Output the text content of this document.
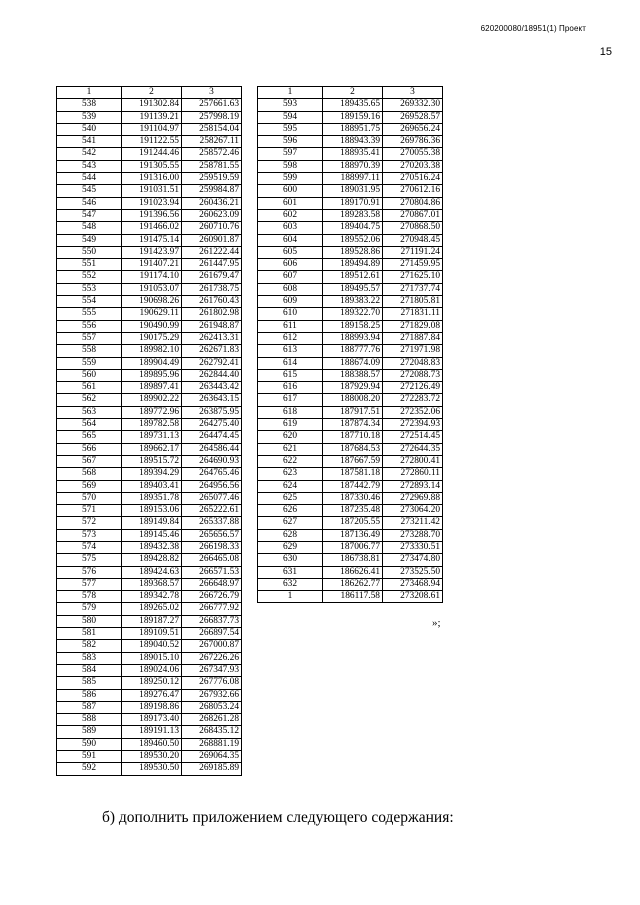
620200080/18951(1) Проект
15
1	2	3
538	191302.84	257661.63
539	191139.21	257998.19
540	191104.97	258154.04
541	191122.55	258267.11
542	191244.46	258572.46
543	191305.55	258781.55
544	191316.00	259519.59
545	191031.51	259984.87
546	191023.94	260436.21
547	191396.56	260623.09
548	191466.02	260710.76
549	191475.14	260901.87
550	191423.97	261222.44
551	191407.21	261447.95
552	191174.10	261679.47
553	191053.07	261738.75
554	190698.26	261760.43
555	190629.11	261802.98
556	190490.99	261948.87
557	190175.29	262413.31
558	189982.10	262671.83
559	189904.49	262792.41
560	189895.96	262844.40
561	189897.41	263443.42
562	189902.22	263643.15
563	189772.96	263875.95
564	189782.58	264275.40
565	189731.13	264474.45
566	189662.17	264586.44
567	189515.72	264690.93
568	189394.29	264765.46
569	189403.41	264956.56
570	189351.78	265077.46
571	189153.06	265222.61
572	189149.84	265337.88
573	189145.46	265656.57
574	189432.38	266198.33
575	189428.82	266465.08
576	189424.63	266571.53
577	189368.57	266648.97
578	189342.78	266726.79
579	189265.02	266777.92
580	189187.27	266837.73
581	189109.51	266897.54
582	189040.52	267000.87
583	189015.10	267226.26
584	189024.06	267347.93
585	189250.12	267776.08
586	189276.47	267932.66
587	189198.86	268053.24
588	189173.40	268261.28
589	189191.13	268435.12
590	189460.50	268881.19
591	189530.20	269064.35
592	189530.50	269185.89
1	2	3
593	189435.65	269332.30
594	189159.16	269528.57
595	188951.75	269656.24
596	188943.39	269786.36
597	188935.41	270055.38
598	188970.39	270203.38
599	188997.11	270516.24
600	189031.95	270612.16
601	189170.91	270804.86
602	189283.58	270867.01
603	189404.75	270868.50
604	189552.06	270948.45
605	189528.86	271191.24
606	189494.89	271459.95
607	189512.61	271625.10
608	189495.57	271737.74
609	189383.22	271805.81
610	189322.70	271831.11
611	189158.25	271829.08
612	188993.94	271887.84
613	188777.76	271971.98
614	188674.09	272048.83
615	188388.57	272088.73
616	187929.94	272126.49
617	188008.20	272283.72
618	187917.51	272352.06
619	187874.34	272394.93
620	187710.18	272514.45
621	187684.53	272644.35
622	187667.59	272800.41
623	187581.18	272860.11
624	187442.79	272893.14
625	187330.46	272969.88
626	187235.48	273064.20
627	187205.55	273211.42
628	187136.49	273288.70
629	187006.77	273330.51
630	186738.81	273474.80
631	186626.41	273525.50
632	186262.77	273468.94
1	186117.58	273208.61
»;
б) дополнить приложением следующего содержания:
